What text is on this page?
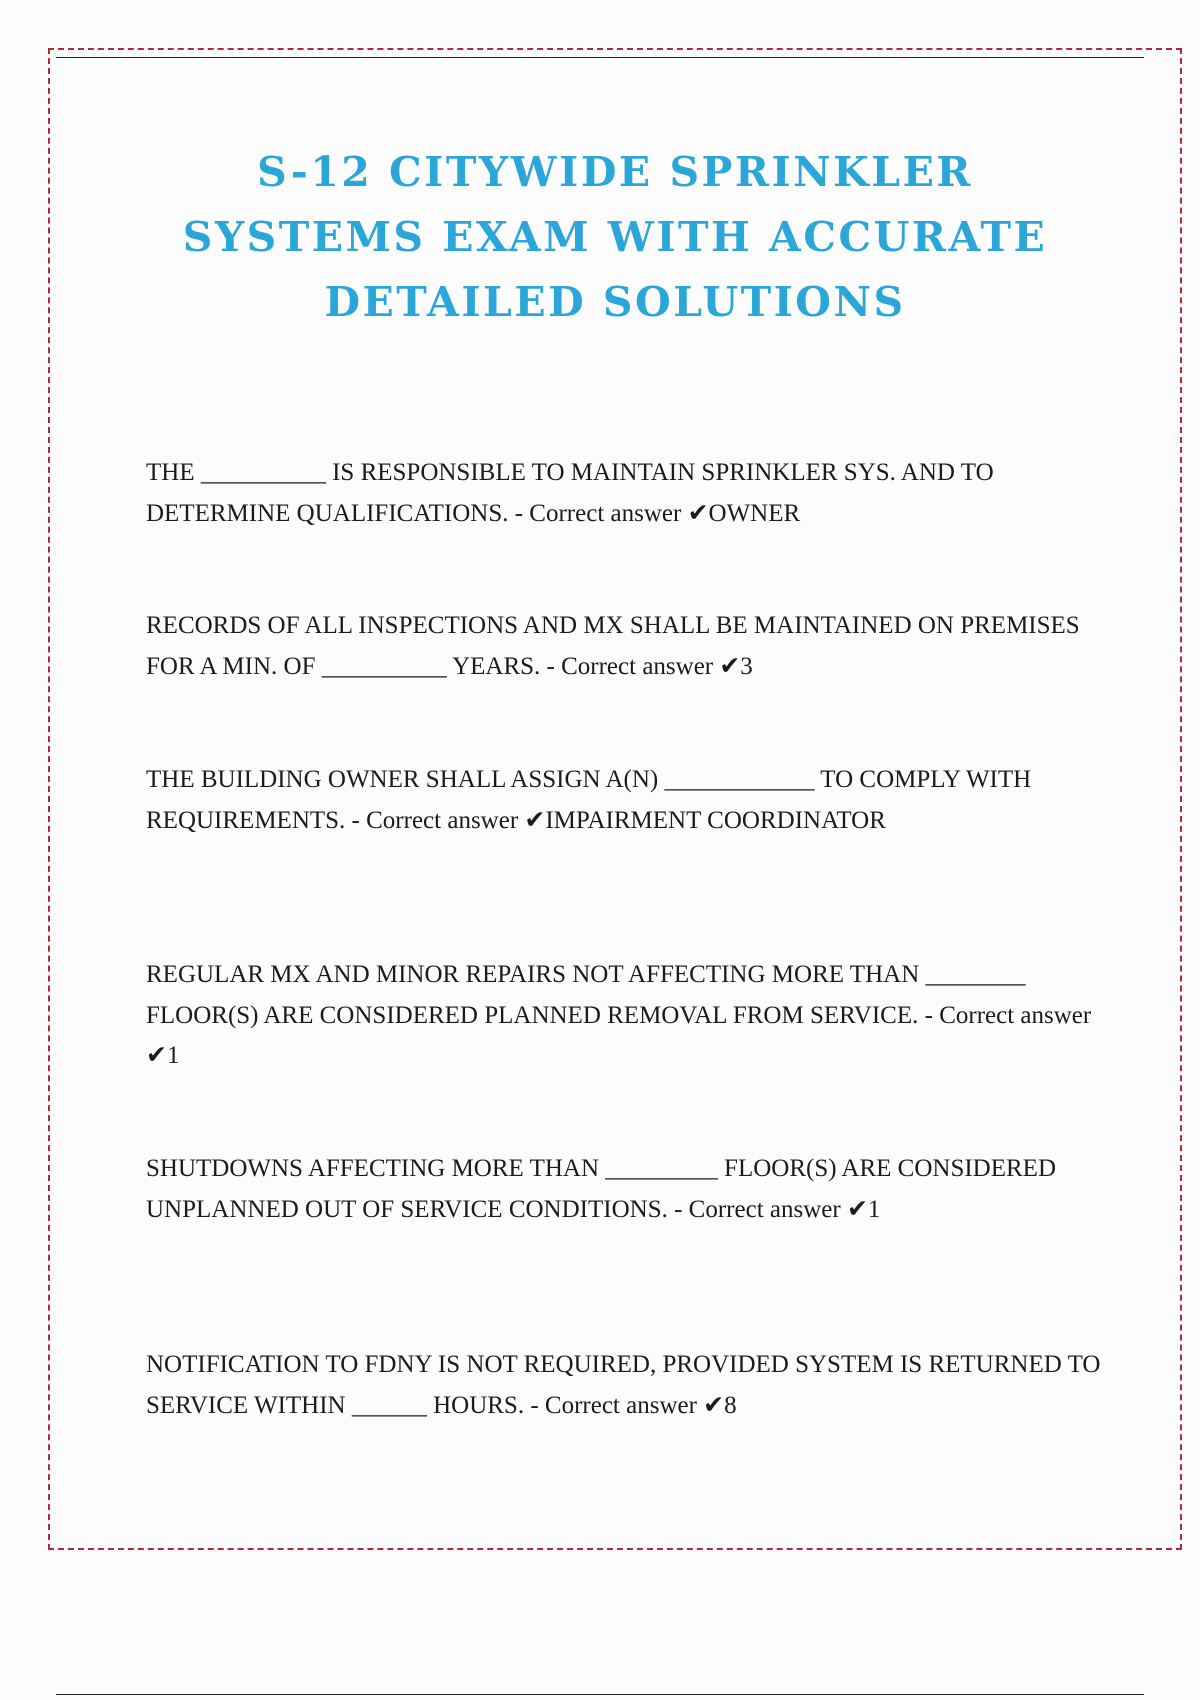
S-12 CITYWIDE SPRINKLER SYSTEMS EXAM WITH ACCURATE DETAILED SOLUTIONS

THE __________ IS RESPONSIBLE TO MAINTAIN SPRINKLER SYS. AND TO DETERMINE QUALIFICATIONS. - Correct answer ✔OWNER

RECORDS OF ALL INSPECTIONS AND MX SHALL BE MAINTAINED ON PREMISES FOR A MIN. OF __________ YEARS. - Correct answer ✔3

THE BUILDING OWNER SHALL ASSIGN A(N) ____________ TO COMPLY WITH REQUIREMENTS. - Correct answer ✔IMPAIRMENT COORDINATOR

REGULAR MX AND MINOR REPAIRS NOT AFFECTING MORE THAN ________ FLOOR(S) ARE CONSIDERED PLANNED REMOVAL FROM SERVICE. - Correct answer ✔1

SHUTDOWNS AFFECTING MORE THAN _________ FLOOR(S) ARE CONSIDERED UNPLANNED OUT OF SERVICE CONDITIONS. - Correct answer ✔1

NOTIFICATION TO FDNY IS NOT REQUIRED, PROVIDED SYSTEM IS RETURNED TO SERVICE WITHIN ______ HOURS. - Correct answer ✔8
